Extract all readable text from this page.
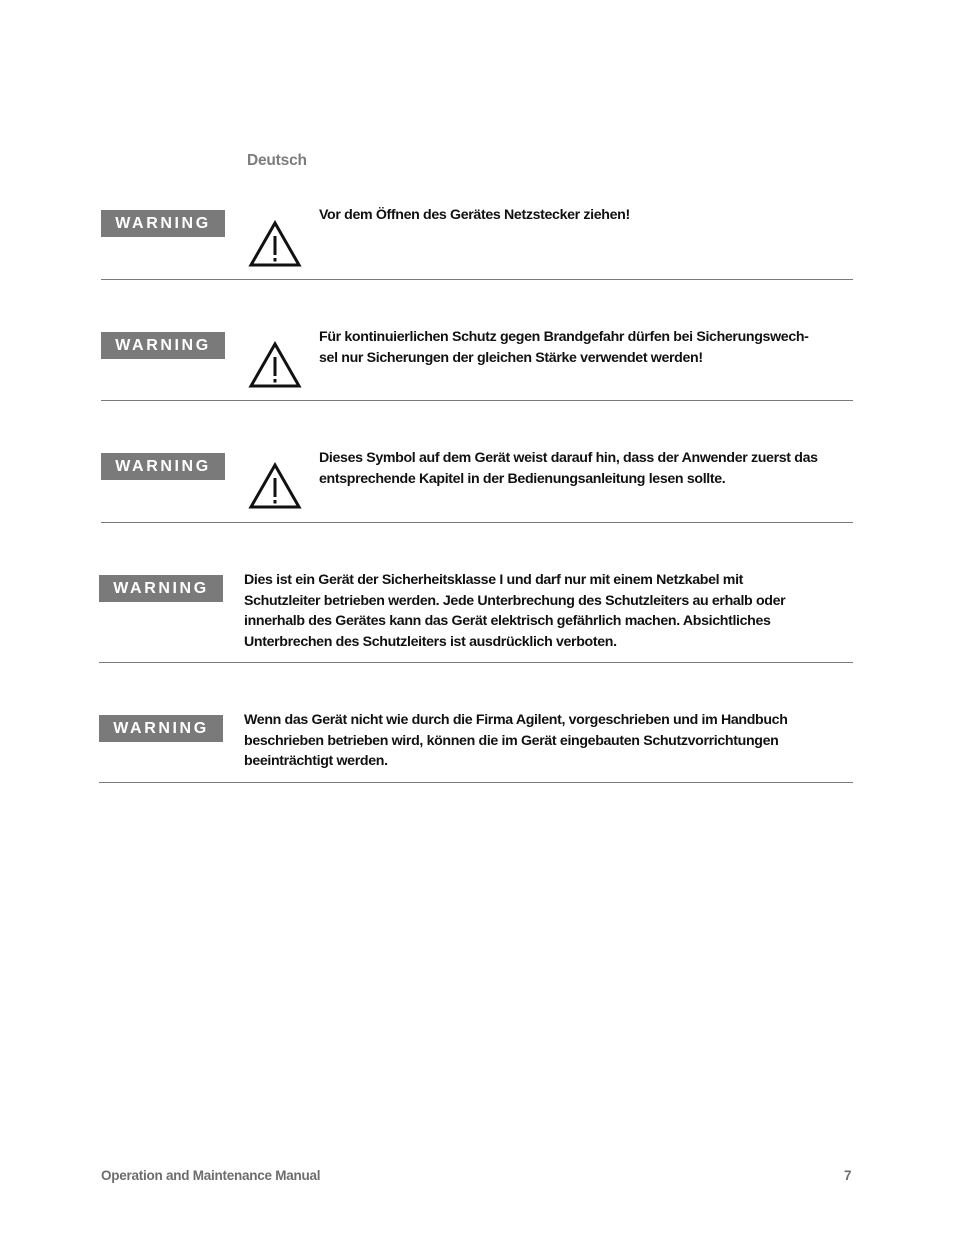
Deutsch
WARNING	Vor dem Öffnen des Gerätes Netzstecker ziehen!
WARNING	Für kontinuierlichen Schutz gegen Brandgefahr dürfen bei Sicherungswech-
sel nur Sicherungen der gleichen Stärke verwendet werden!
WARNING	Dieses Symbol auf dem Gerät weist darauf hin, dass der Anwender zuerst das
entsprechende Kapitel in der Bedienungsanleitung lesen sollte.
WARNING	Dies ist ein Gerät der Sicherheitsklasse I und darf nur mit einem Netzkabel mit
Schutzleiter betrieben werden. Jede Unterbrechung des Schutzleiters au erhalb oder
innerhalb des Gerätes kann das Gerät elektrisch gefährlich machen. Absichtliches
Unterbrechen des Schutzleiters ist ausdrücklich verboten.
WARNING	Wenn das Gerät nicht wie durch die Firma Agilent, vorgeschrieben und im Handbuch
beschrieben betrieben wird, können die im Gerät eingebauten Schutzvorrichtungen
beeinträchtigt werden.
Operation and Maintenance Manual	7
